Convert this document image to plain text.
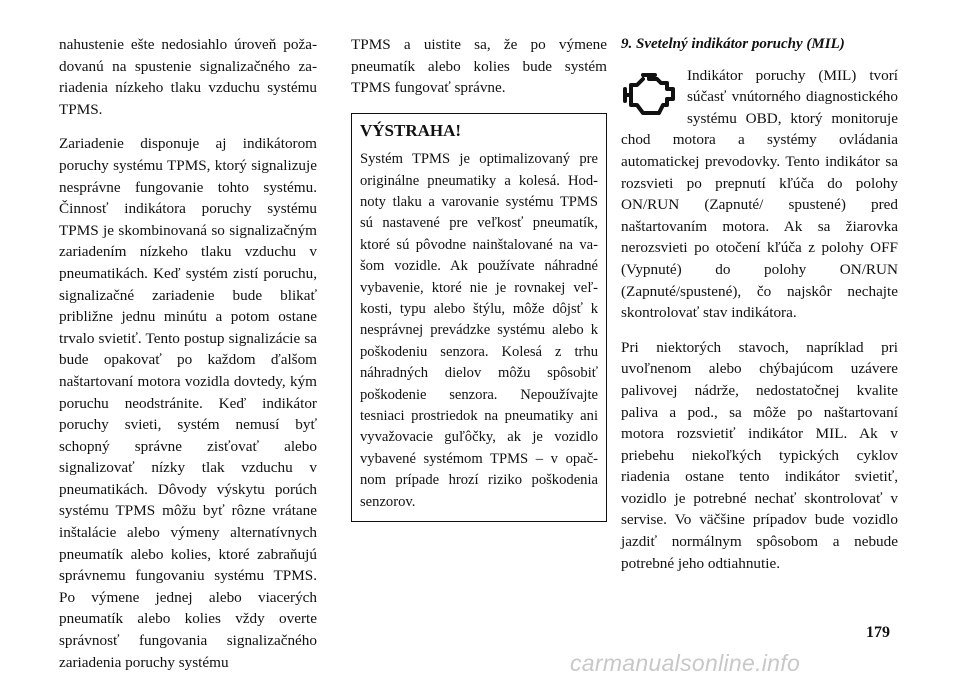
nahustenie ešte nedosiahlo úroveň požadovanú na spustenie signalizačného zariadenia nízkeho tlaku vzduchu systému TPMS.

Zariadenie disponuje aj indikátorom poruchy systému TPMS, ktorý signalizuje nesprávne fungovanie tohto systému. Činnosť indikátora poruchy systému TPMS je skombinovaná so signalizačným zariadením nízkeho tlaku vzduchu v pneumatikách. Keď systém zistí poruchu, signalizačné zariadenie bude blikať približne jednu minútu a potom ostane trvalo svietiť. Tento postup signalizácie sa bude opakovať po každom ďalšom naštartovaní motora vozidla dovtedy, kým poruchu neodstránite. Keď indikátor poruchy svieti, systém nemusí byť schopný správne zisťovať alebo signalizovať nízky tlak vzduchu v pneumatikách. Dôvody výskytu porúch systému TPMS môžu byť rôzne vrátane inštalácie alebo výmeny alternatívnych pneumatík alebo kolies, ktoré zabraňujú správnemu fungovaniu systému TPMS. Po výmene jednej alebo viacerých pneumatík alebo kolies vždy overte správnosť fungovania signalizačného zariadenia poruchy systému

TPMS a uistite sa, že po výmene pneumatík alebo kolies bude systém TPMS fungovať správne.

VÝSTRAHA!

Systém TPMS je optimalizovaný pre originálne pneumatiky a kolesá. Hodnoty tlaku a varovanie systému TPMS sú nastavené pre veľkosť pneumatík, ktoré sú pôvodne nainštalované na vašom vozidle. Ak používate náhradné vybavenie, ktoré nie je rovnakej veľkosti, typu alebo štýlu, môže dôjsť k nesprávnej prevádzke systému alebo k poškodeniu senzora. Kolesá z trhu náhradných dielov môžu spôsobiť poškodenie senzora. Nepoužívajte tesniaci prostriedok na pneumatiky ani vyvažovacie guľôčky, ak je vozidlo vybavené systémom TPMS – v opačnom prípade hrozí riziko poškodenia senzorov.

9. Svetelný indikátor poruchy (MIL)

Indikátor poruchy (MIL) tvorí súčasť vnútorného diagnostického systému OBD, ktorý monitoruje chod motora a systémy ovládania automatickej prevodovky. Tento indikátor sa rozsvieti po prepnutí kľúča do polohy ON/RUN (Zapnuté/ spustené) pred naštartovaním motora. Ak sa žiarovka nerozsvieti po otočení kľúča z polohy OFF (Vypnuté) do polohy ON/RUN (Zapnuté/spustené), čo najskôr nechajte skontrolovať stav indikátora.

Pri niektorých stavoch, napríklad pri uvoľnenom alebo chýbajúcom uzávere palivovej nádrže, nedostatočnej kvalite paliva a pod., sa môže po naštartovaní motora rozsvietiť indikátor MIL. Ak v priebehu niekoľkých typických cyklov riadenia ostane tento indikátor svietiť, vozidlo je potrebné nechať skontrolovať v servise. Vo väčšine prípadov bude vozidlo jazdiť normálnym spôsobom a nebude potrebné jeho odtiahnutie.

179
carmanualsonline.info
